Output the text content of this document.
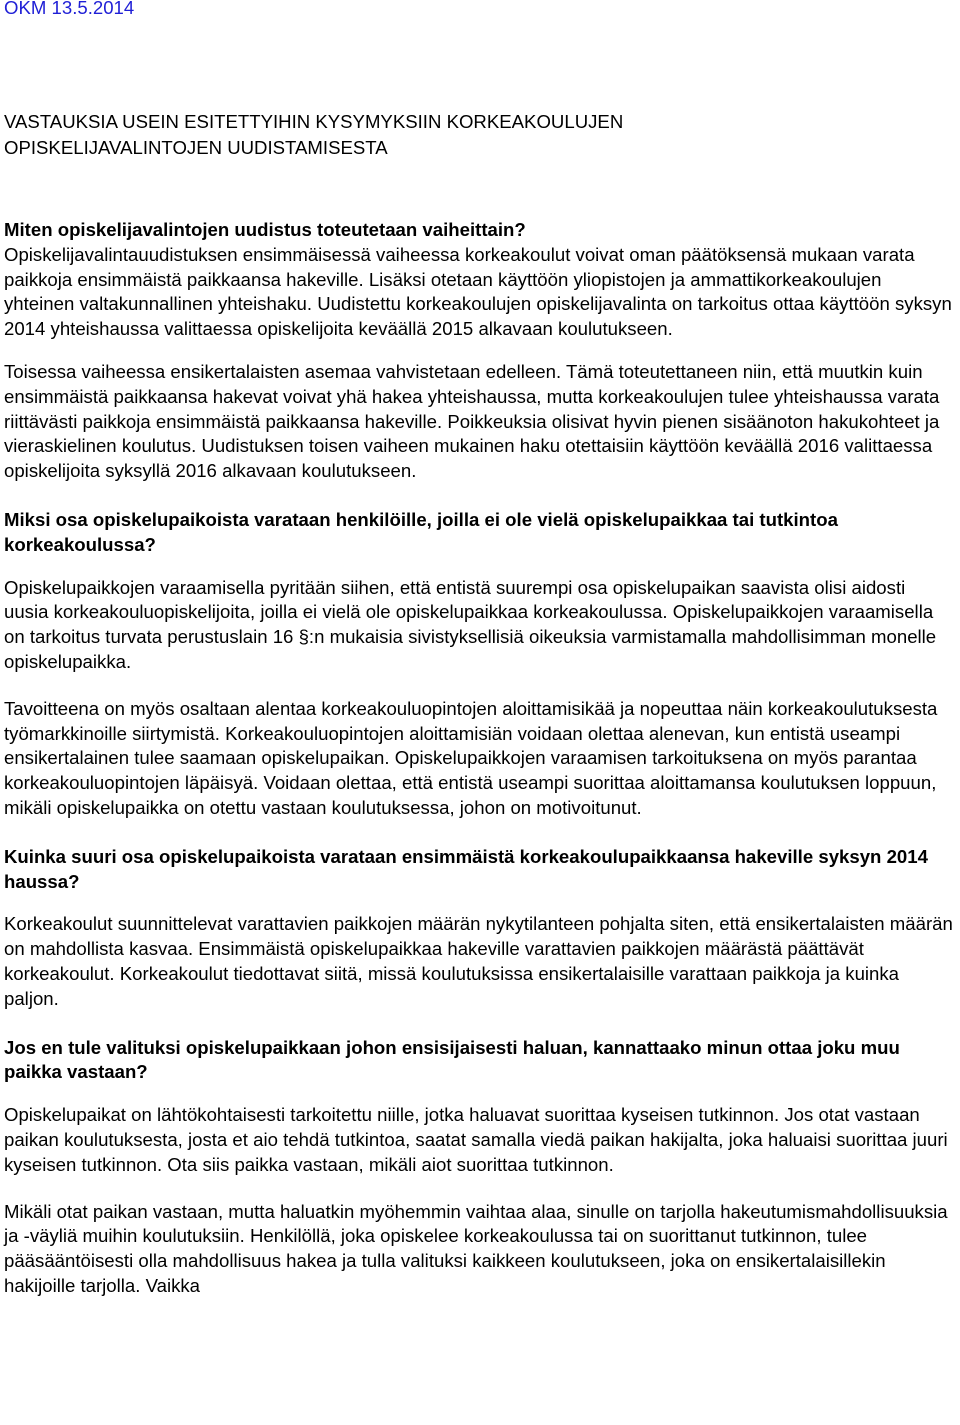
OKM 13.5.2014

VASTAUKSIA USEIN ESITETTYIHIN KYSYMYKSIIN KORKEAKOULUJEN
OPISKELIJAVALINTOJEN UUDISTAMISESTA

Miten opiskelijavalintojen uudistus toteutetaan vaiheittain?

Opiskelijavalintauudistuksen ensimmäisessä vaiheessa korkeakoulut voivat oman päätöksensä mukaan varata paikkoja ensimmäistä paikkaansa hakeville. Lisäksi otetaan käyttöön yliopistojen ja ammattikorkeakoulujen yhteinen valtakunnallinen yhteishaku. Uudistettu korkeakoulujen opiskelijavalinta on tarkoitus ottaa käyttöön syksyn 2014 yhteishaussa valittaessa opiskelijoita keväällä 2015 alkavaan koulutukseen.

Toisessa vaiheessa ensikertalaisten asemaa vahvistetaan edelleen. Tämä toteutettaneen niin, että muutkin kuin ensimmäistä paikkaansa hakevat voivat yhä hakea yhteishaussa, mutta korkeakoulujen tulee yhteishaussa varata riittävästi paikkoja ensimmäistä paikkaansa hakeville. Poikkeuksia olisivat hyvin pienen sisäänoton hakukohteet ja vieraskielinen koulutus. Uudistuksen toisen vaiheen mukainen haku otettaisiin käyttöön keväällä 2016 valittaessa opiskelijoita syksyllä 2016 alkavaan koulutukseen.

Miksi osa opiskelupaikoista varataan henkilöille, joilla ei ole vielä opiskelupaikkaa tai tutkintoa korkeakoulussa?

Opiskelupaikkojen varaamisella pyritään siihen, että entistä suurempi osa opiskelupaikan saavista olisi aidosti uusia korkeakouluopiskelijoita, joilla ei vielä ole opiskelupaikkaa korkeakoulussa. Opiskelupaikkojen varaamisella on tarkoitus turvata perustuslain 16 §:n mukaisia sivistyksellisiä oikeuksia varmistamalla mahdollisimman monelle opiskelupaikka.

Tavoitteena on myös osaltaan alentaa korkeakouluopintojen aloittamisikää ja nopeuttaa näin korkeakoulutuksesta työmarkkinoille siirtymistä. Korkeakouluopintojen aloittamisiän voidaan olettaa alenevan, kun entistä useampi ensikertalainen tulee saamaan opiskelupaikan. Opiskelupaikkojen varaamisen tarkoituksena on myös parantaa korkeakouluopintojen läpäisyä. Voidaan olettaa, että entistä useampi suorittaa aloittamansa koulutuksen loppuun, mikäli opiskelupaikka on otettu vastaan koulutuksessa, johon on motivoitunut.

Kuinka suuri osa opiskelupaikoista varataan ensimmäistä korkeakoulupaikkaansa hakeville syksyn 2014 haussa?

Korkeakoulut suunnittelevat varattavien paikkojen määrän nykytilanteen pohjalta siten, että ensikertalaisten määrän on mahdollista kasvaa. Ensimmäistä opiskelupaikkaa hakeville varattavien paikkojen määrästä päättävät korkeakoulut. Korkeakoulut tiedottavat siitä, missä koulutuksissa ensikertalaisille varattaan paikkoja ja kuinka paljon.

Jos en tule valituksi opiskelupaikkaan johon ensisijaisesti haluan, kannattaako minun ottaa joku muu paikka vastaan?

Opiskelupaikat on lähtökohtaisesti tarkoitettu niille, jotka haluavat suorittaa kyseisen tutkinnon. Jos otat vastaan paikan koulutuksesta, josta et aio tehdä tutkintoa, saatat samalla viedä paikan hakijalta, joka haluaisi suorittaa juuri kyseisen tutkinnon. Ota siis paikka vastaan, mikäli aiot suorittaa tutkinnon.

Mikäli otat paikan vastaan, mutta haluatkin myöhemmin vaihtaa alaa, sinulle on tarjolla hakeutumismahdollisuuksia ja -väyliä muihin koulutuksiin. Henkilöllä, joka opiskelee korkeakoulussa tai on suorittanut tutkinnon, tulee pääsääntöisesti olla mahdollisuus hakea ja tulla valituksi kaikkeen koulutukseen, joka on ensikertalaisillekin hakijoille tarjolla. Vaikka
